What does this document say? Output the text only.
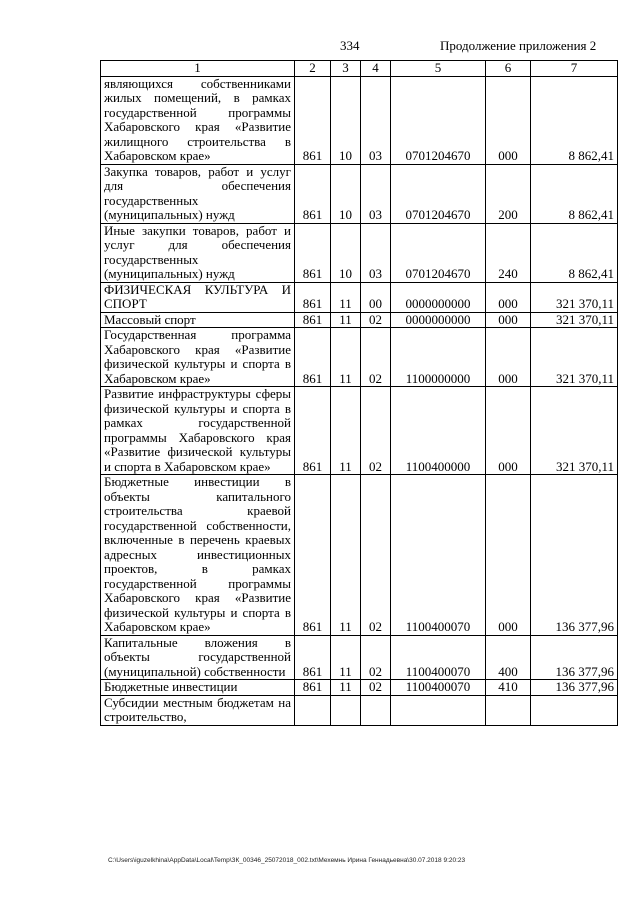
334	Продолжение приложения 2
1	2	3	4	5	6	7
являющихся собственниками жилых помещений, в рамках государственной программы Хабаровского края «Развитие жилищного строительства в Хабаровском крае»	861	10	03	0701204670	000	8 862,41
Закупка товаров, работ и услуг для обеспечения государственных (муниципальных) нужд	861	10	03	0701204670	200	8 862,41
Иные закупки товаров, работ и услуг для обеспечения государственных (муниципальных) нужд	861	10	03	0701204670	240	8 862,41
ФИЗИЧЕСКАЯ КУЛЬТУРА И СПОРТ	861	11	00	0000000000	000	321 370,11
Массовый спорт	861	11	02	0000000000	000	321 370,11
Государственная программа Хабаровского края «Развитие физической культуры и спорта в Хабаровском крае»	861	11	02	1100000000	000	321 370,11
Развитие инфраструктуры сферы физической культуры и спорта в рамках государственной программы Хабаровского края «Развитие физической культуры и спорта в Хабаровском крае»	861	11	02	1100400000	000	321 370,11
Бюджетные инвестиции в объекты капитального строительства краевой государственной собственности, включенные в перечень краевых адресных инвестиционных проектов, в рамках государственной программы Хабаровского края «Развитие физической культуры и спорта в Хабаровском крае»	861	11	02	1100400070	000	136 377,96
Капитальные вложения в объекты государственной (муниципальной) собственности	861	11	02	1100400070	400	136 377,96
Бюджетные инвестиции	861	11	02	1100400070	410	136 377,96
Субсидии местным бюджетам на строительство,						
C:\Users\iguzelkhina\AppData\Local\Temp\ЗК_00346_25072018_002.txt\Мехемнь Ирина Геннадьевна\30.07.2018 9:20:23
